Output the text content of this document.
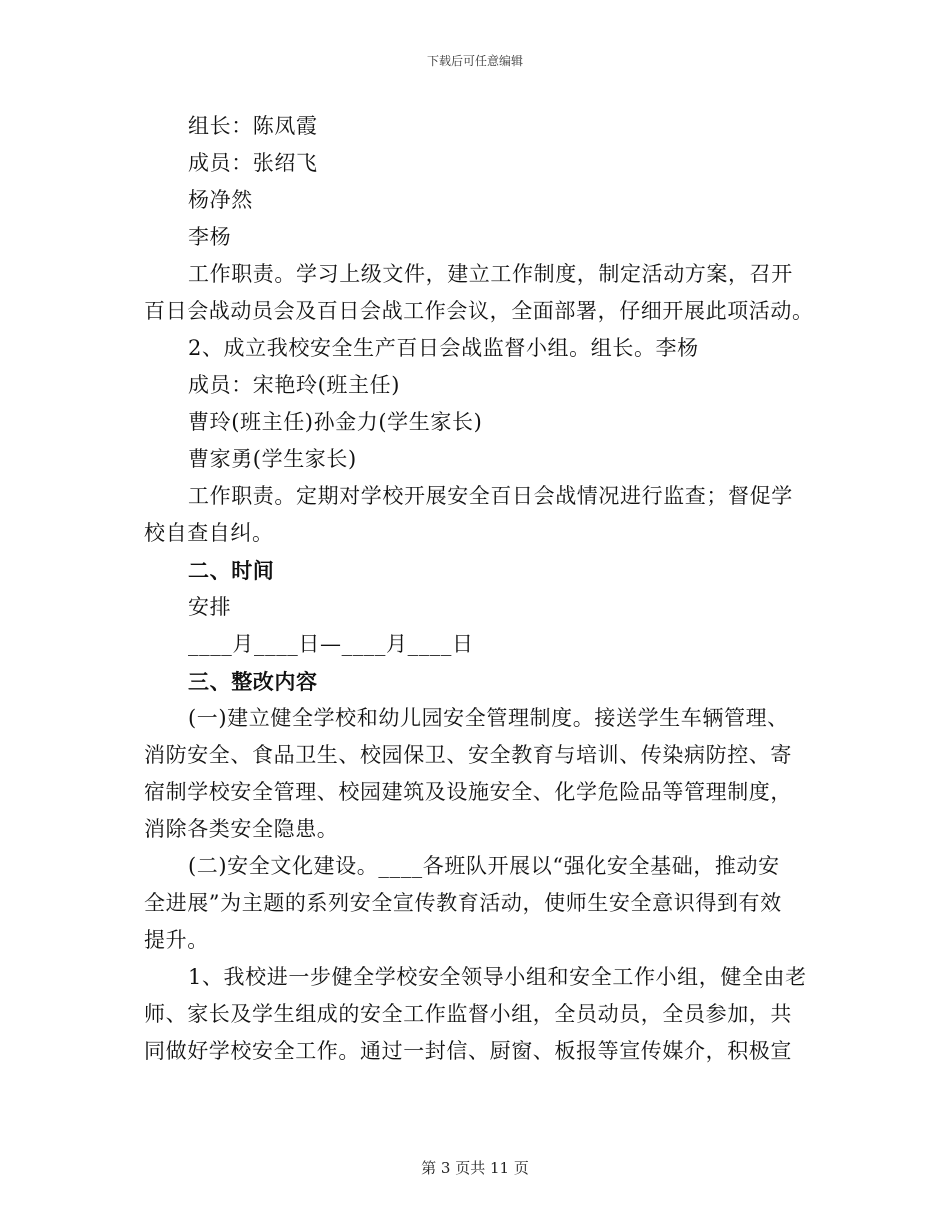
下载后可任意编辑
组长：陈凤霞
成员：张绍飞
杨净然
李杨
工作职责。学习上级文件，建立工作制度，制定活动方案，召开
百日会战动员会及百日会战工作会议，全面部署，仔细开展此项活动。
2、成立我校安全生产百日会战监督小组。组长。李杨
成员：宋艳玲(班主任)
曹玲(班主任)孙金力(学生家长)
曹家勇(学生家长)
工作职责。定期对学校开展安全百日会战情况进行监查；督促学
校自查自纠。
二、时间
安排
____月____日—____月____日
三、整改内容
(一)建立健全学校和幼儿园安全管理制度。接送学生车辆管理、
消防安全、食品卫生、校园保卫、安全教育与培训、传染病防控、寄
宿制学校安全管理、校园建筑及设施安全、化学危险品等管理制度，
消除各类安全隐患。
(二)安全文化建设。____各班队开展以“强化安全基础，推动安
全进展”为主题的系列安全宣传教育活动，使师生安全意识得到有效
提升。
1、我校进一步健全学校安全领导小组和安全工作小组，健全由老
师、家长及学生组成的安全工作监督小组，全员动员，全员参加，共
同做好学校安全工作。通过一封信、厨窗、板报等宣传媒介，积极宣
第 3 页共 11 页
